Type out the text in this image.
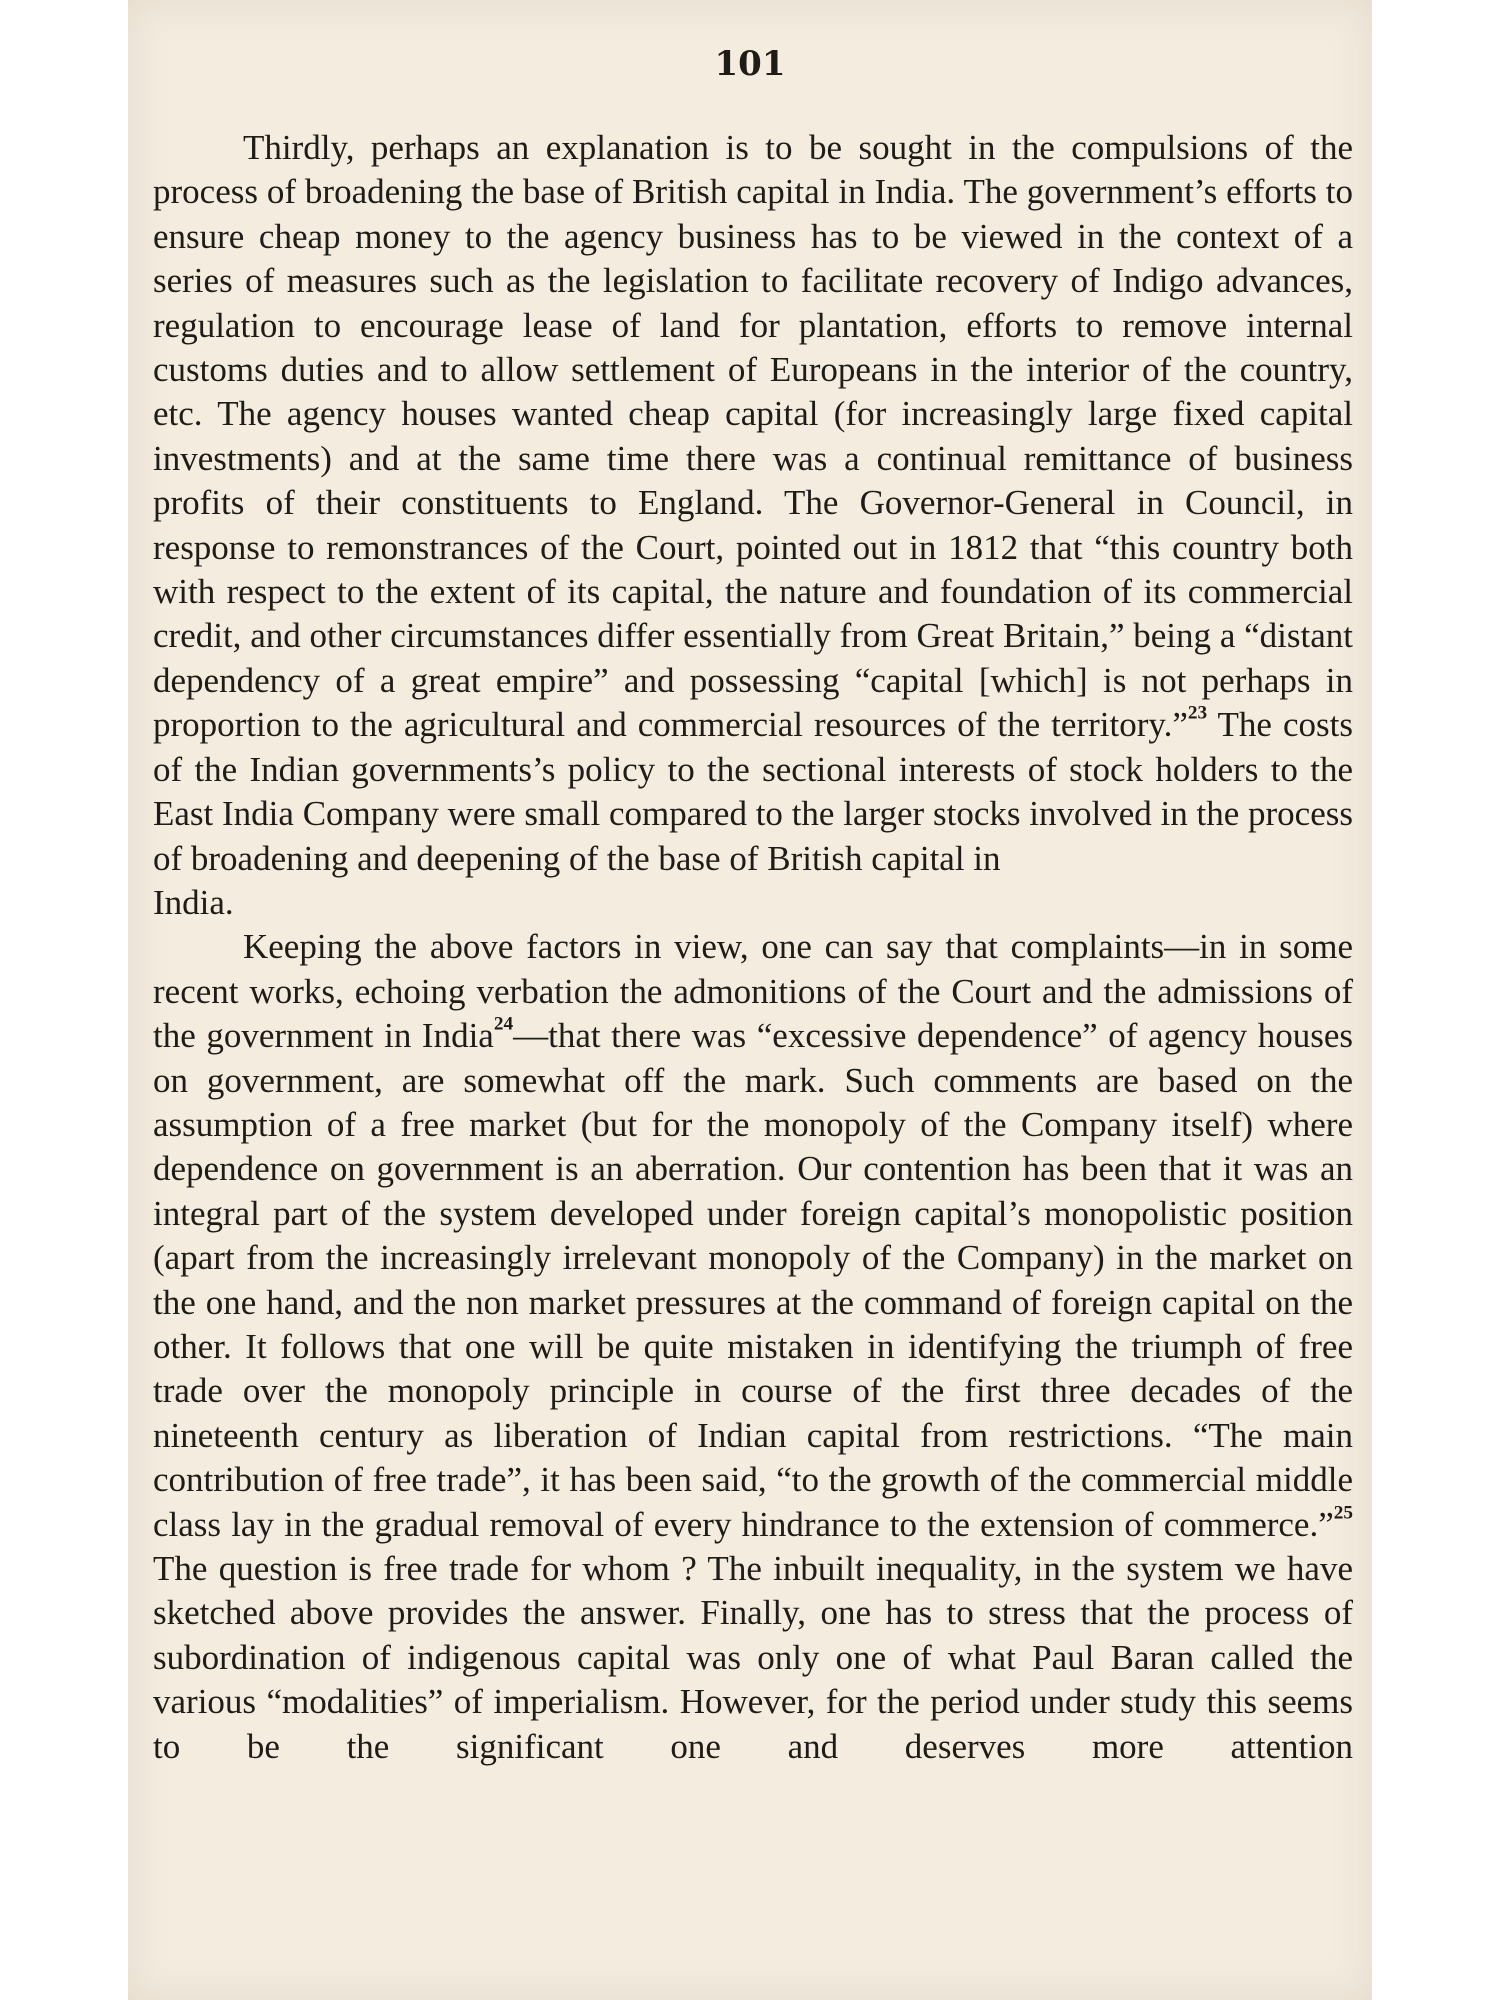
101

Thirdly, perhaps an explanation is to be sought in the compulsions of the process of broadening the base of British capital in India. The government’s efforts to ensure cheap money to the agency business has to be viewed in the context of a series of measures such as the legislation to facilitate recovery of Indigo advances, regulation to encourage lease of land for plantation, efforts to remove internal customs duties and to allow settlement of Europeans in the interior of the country, etc. The agency houses wanted cheap capital (for increasingly large fixed capital investments) and at the same time there was a continual remittance of business profits of their constituents to England. The Governor-General in Council, in response to remonstrances of the Court, pointed out in 1812 that “this country both with respect to the extent of its capital, the nature and foundation of its commercial credit, and other circumstances differ essentially from Great Britain,” being a “distant dependency of a great empire” and possessing “capital [which] is not perhaps in proportion to the agricultural and commercial resources of the territory.”$^{23}$ The costs of the Indian governments’s policy to the sectional interests of stock holders to the East India Company were small compared to the larger stocks involved in the process of broadening and deepening of the base of British capital in
India.

Keeping the above factors in view, one can say that complaints—in in some recent works, echoing verbation the admonitions of the Court and the admissions of the government in India$^{24}$—that there was “excessive dependence” of agency houses on government, are somewhat off the mark. Such comments are based on the assumption of a free market (but for the monopoly of the Company itself) where dependence on government is an aberration. Our contention has been that it was an integral part of the system developed under foreign capital’s monopolistic position (apart from the increasingly irrelevant monopoly of the Company) in the market on the one hand, and the non market pressures at the command of foreign capital on the other. It follows that one will be quite mistaken in identifying the triumph of free trade over the monopoly principle in course of the first three decades of the nineteenth century as liberation of Indian capital from restrictions. “The main contribution of free trade”, it has been said, “to the growth of the commercial middle class lay in the gradual removal of every hindrance to the extension of commerce.”$^{25}$ The question is free trade for whom ? The inbuilt inequality, in the system we have sketched above provides the answer. Finally, one has to stress that the process of subordination of indigenous capital was only one of what Paul Baran called the various “modalities” of imperialism. However, for the period under study this seems to be the significant one and deserves more attention
